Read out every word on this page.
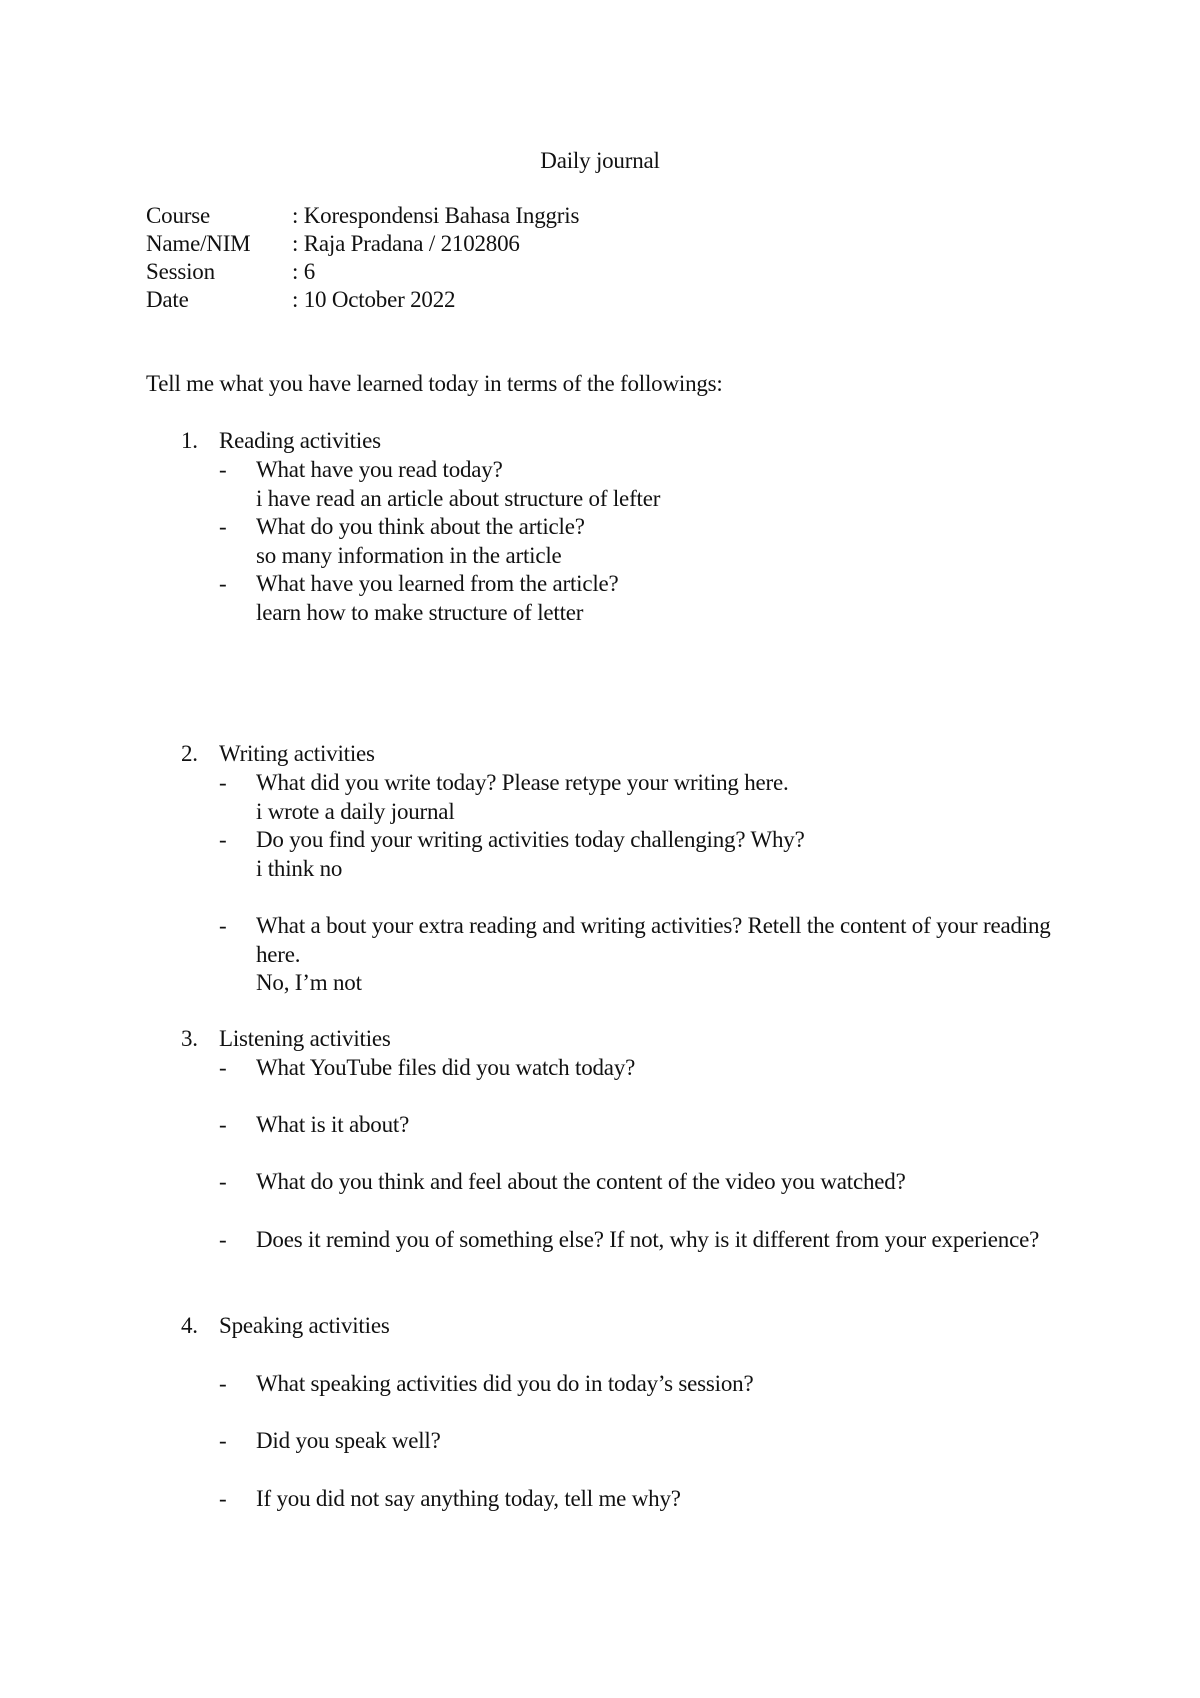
Daily journal
Course	: Korespondensi Bahasa Inggris
Name/NIM : Raja Pradana / 2102806
Session	: 6
Date	: 10 October 2022
Tell me what you have learned today in terms of the followings:
1. Reading activities
- What have you read today?
i have read an article about structure of lefter
- What do you think about the article?
so many information in the article
- What have you learned from the article?
learn how to make structure of letter
2. Writing activities
- What did you write today? Please retype your writing here.
i wrote a daily journal
- Do you find your writing activities today challenging? Why?
i think no
- What a bout your extra reading and writing activities? Retell the content of your reading here.
No, I’m not
3. Listening activities
- What YouTube files did you watch today?
- What is it about?
- What do you think and feel about the content of the video you watched?
- Does it remind you of something else? If not, why is it different from your experience?
4. Speaking activities
- What speaking activities did you do in today’s session?
- Did you speak well?
- If you did not say anything today, tell me why?
